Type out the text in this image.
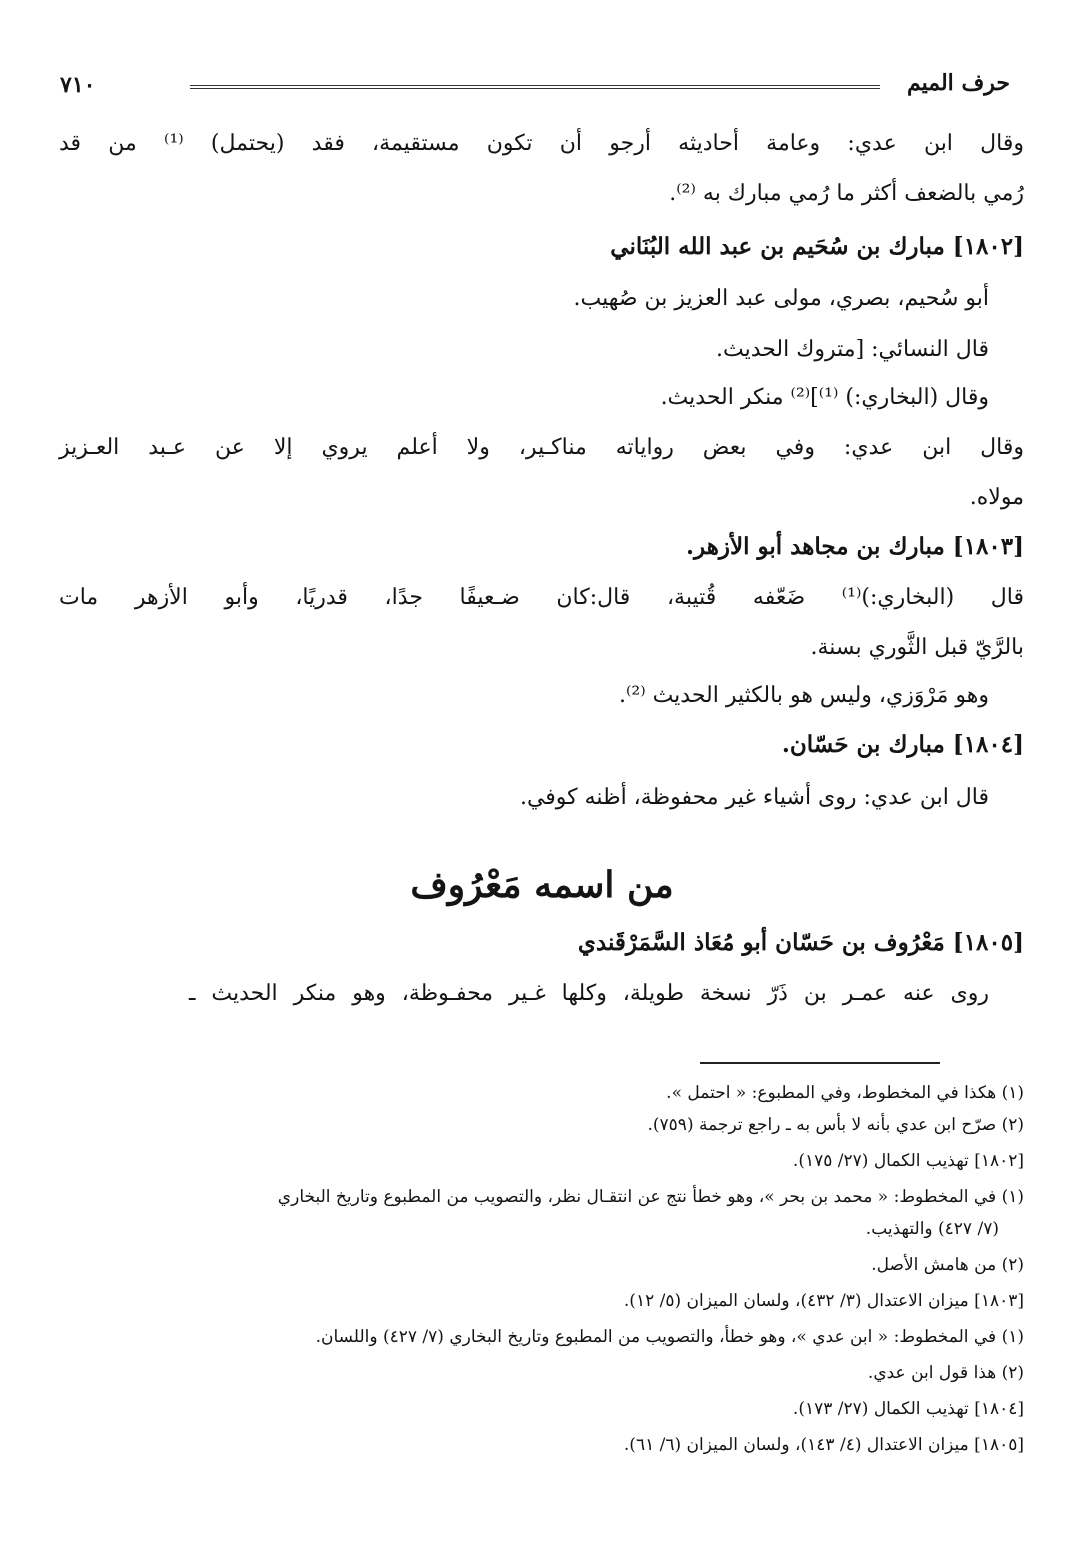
حرف الميم
٧١٠
وقال ابن عدي: وعامة أحاديثه أرجو أن تكون مستقيمة، فقد (يحتمل) ⁽¹⁾ من قد
رُمي بالضعف أكثر ما رُمي مبارك به ⁽²⁾.
[١٨٠٢] مبارك بن سُحَيم بن عبد الله البُنَاني
أبو سُحيم، بصري، مولى عبد العزيز بن صُهيب.
قال النسائي: [متروك الحديث.
وقال (البخاري:) ⁽¹⁾]⁽²⁾ منكر الحديث.
وقال ابن عدي: وفي بعض رواياته مناكـير، ولا أعلم يروي إلا عن عـبد العـزيز
مولاه.
[١٨٠٣] مبارك بن مجاهد أبو الأزهر.
قال (البخاري:)⁽¹⁾ ضَعّفه قُتيبة، قال:كان ضـعيفًا جدًا، قدريًا، وأبو الأزهر مات
بالرَّيّ قبل الثَّوري بسنة.
وهو مَرْوَزي، وليس هو بالكثير الحديث ⁽²⁾.
[١٨٠٤] مبارك بن حَسّان.
قال ابن عدي: روى أشياء غير محفوظة، أظنه كوفي.
من اسمه مَعْرُوف
[١٨٠٥] مَعْرُوف بن حَسّان أبو مُعَاذ السَّمَرْقَندي
روى عنه عمـر بن ذَرّ نسخة طويلة، وكلها غـير محفـوظة، وهو منكر الحديث ـ
(١) هكذا في المخطوط، وفي المطبوع: « احتمل ».
(٢) صرّح ابن عدي بأنه لا بأس به ـ راجع ترجمة (٧٥٩).
[١٨٠٢] تهذيب الكمال (٢٧/ ١٧٥).
(١) في المخطوط: « محمد بن بحر »، وهو خطأ نتج عن انتقـال نظر، والتصويب من المطبوع وتاريخ البخاري
(٧/ ٤٢٧) والتهذيب.
(٢) من هامش الأصل.
[١٨٠٣] ميزان الاعتدال (٣/ ٤٣٢)، ولسان الميزان (٥/ ١٢).
(١) في المخطوط: « ابن عدي »، وهو خطأ، والتصويب من المطبوع وتاريخ البخاري (٧/ ٤٢٧) واللسان.
(٢) هذا قول ابن عدي.
[١٨٠٤] تهذيب الكمال (٢٧/ ١٧٣).
[١٨٠٥] ميزان الاعتدال (٤/ ١٤٣)، ولسان الميزان (٦/ ٦١).
